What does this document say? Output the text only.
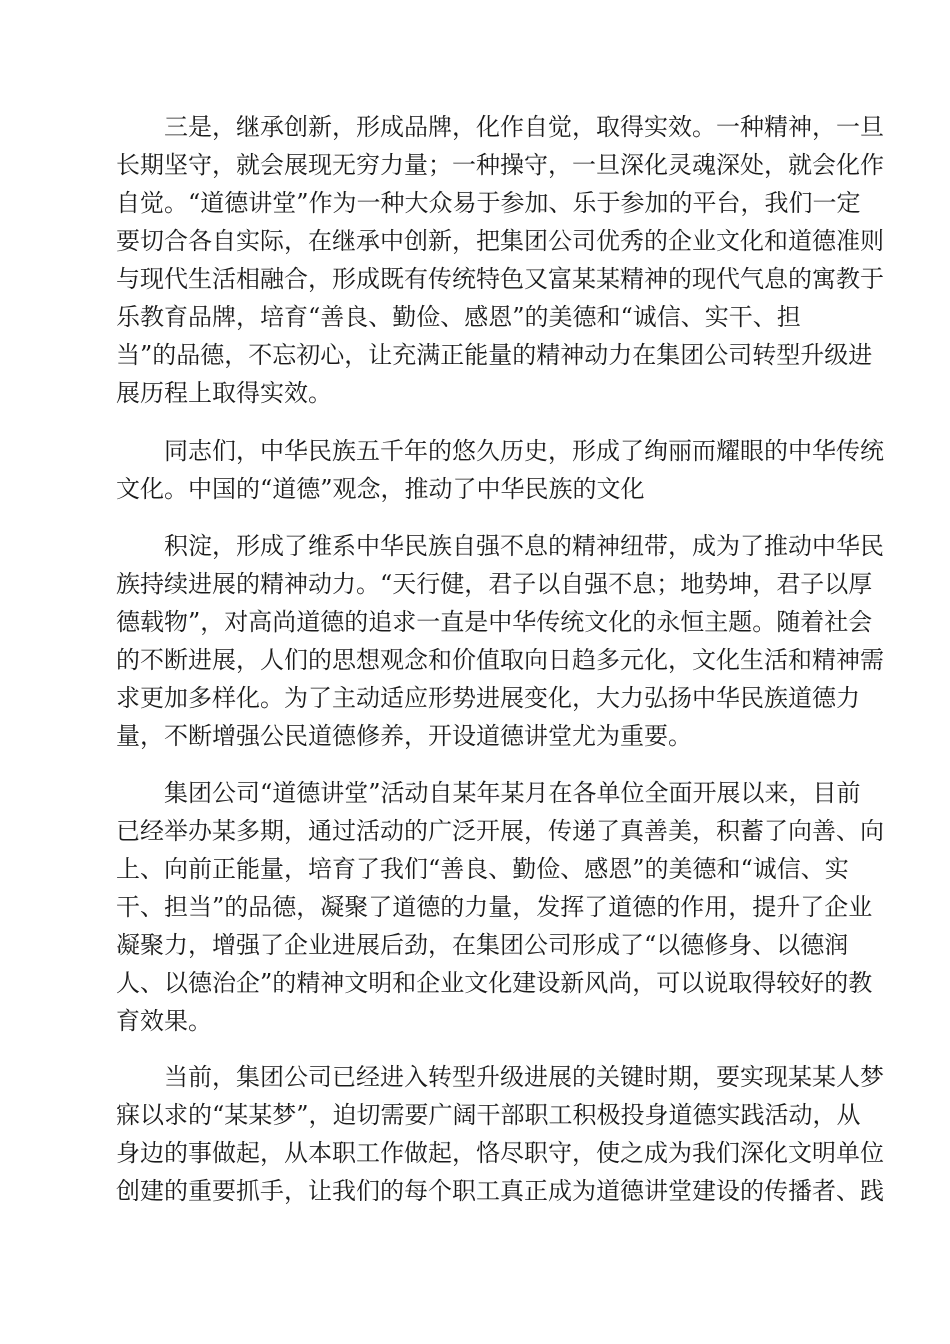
　　三是，继承创新，形成品牌，化作自觉，取得实效。一种精神，一旦
长期坚守，就会展现无穷力量；一种操守，一旦深化灵魂深处，就会化作
自觉。“道德讲堂”作为一种大众易于参加、乐于参加的平台，我们一定
要切合各自实际，在继承中创新，把集团公司优秀的企业文化和道德准则
与现代生活相融合，形成既有传统特色又富某某精神的现代气息的寓教于
乐教育品牌，培育“善良、勤俭、感恩”的美德和“诚信、实干、担
当”的品德，不忘初心，让充满正能量的精神动力在集团公司转型升级进
展历程上取得实效。
　　同志们，中华民族五千年的悠久历史，形成了绚丽而耀眼的中华传统
文化。中国的“道德”观念，推动了中华民族的文化
　　积淀，形成了维系中华民族自强不息的精神纽带，成为了推动中华民
族持续进展的精神动力。“天行健，君子以自强不息；地势坤，君子以厚
德载物”，对高尚道德的追求一直是中华传统文化的永恒主题。随着社会
的不断进展，人们的思想观念和价值取向日趋多元化，文化生活和精神需
求更加多样化。为了主动适应形势进展变化，大力弘扬中华民族道德力
量，不断增强公民道德修养，开设道德讲堂尤为重要。
　　集团公司“道德讲堂”活动自某年某月在各单位全面开展以来，目前
已经举办某多期，通过活动的广泛开展，传递了真善美，积蓄了向善、向
上、向前正能量，培育了我们“善良、勤俭、感恩”的美德和“诚信、实
干、担当”的品德，凝聚了道德的力量，发挥了道德的作用，提升了企业
凝聚力，增强了企业进展后劲，在集团公司形成了“以德修身、以德润
人、以德治企”的精神文明和企业文化建设新风尚，可以说取得较好的教
育效果。
　　当前，集团公司已经进入转型升级进展的关键时期，要实现某某人梦
寐以求的“某某梦”，迫切需要广阔干部职工积极投身道德实践活动，从
身边的事做起，从本职工作做起，恪尽职守，使之成为我们深化文明单位
创建的重要抓手，让我们的每个职工真正成为道德讲堂建设的传播者、践
